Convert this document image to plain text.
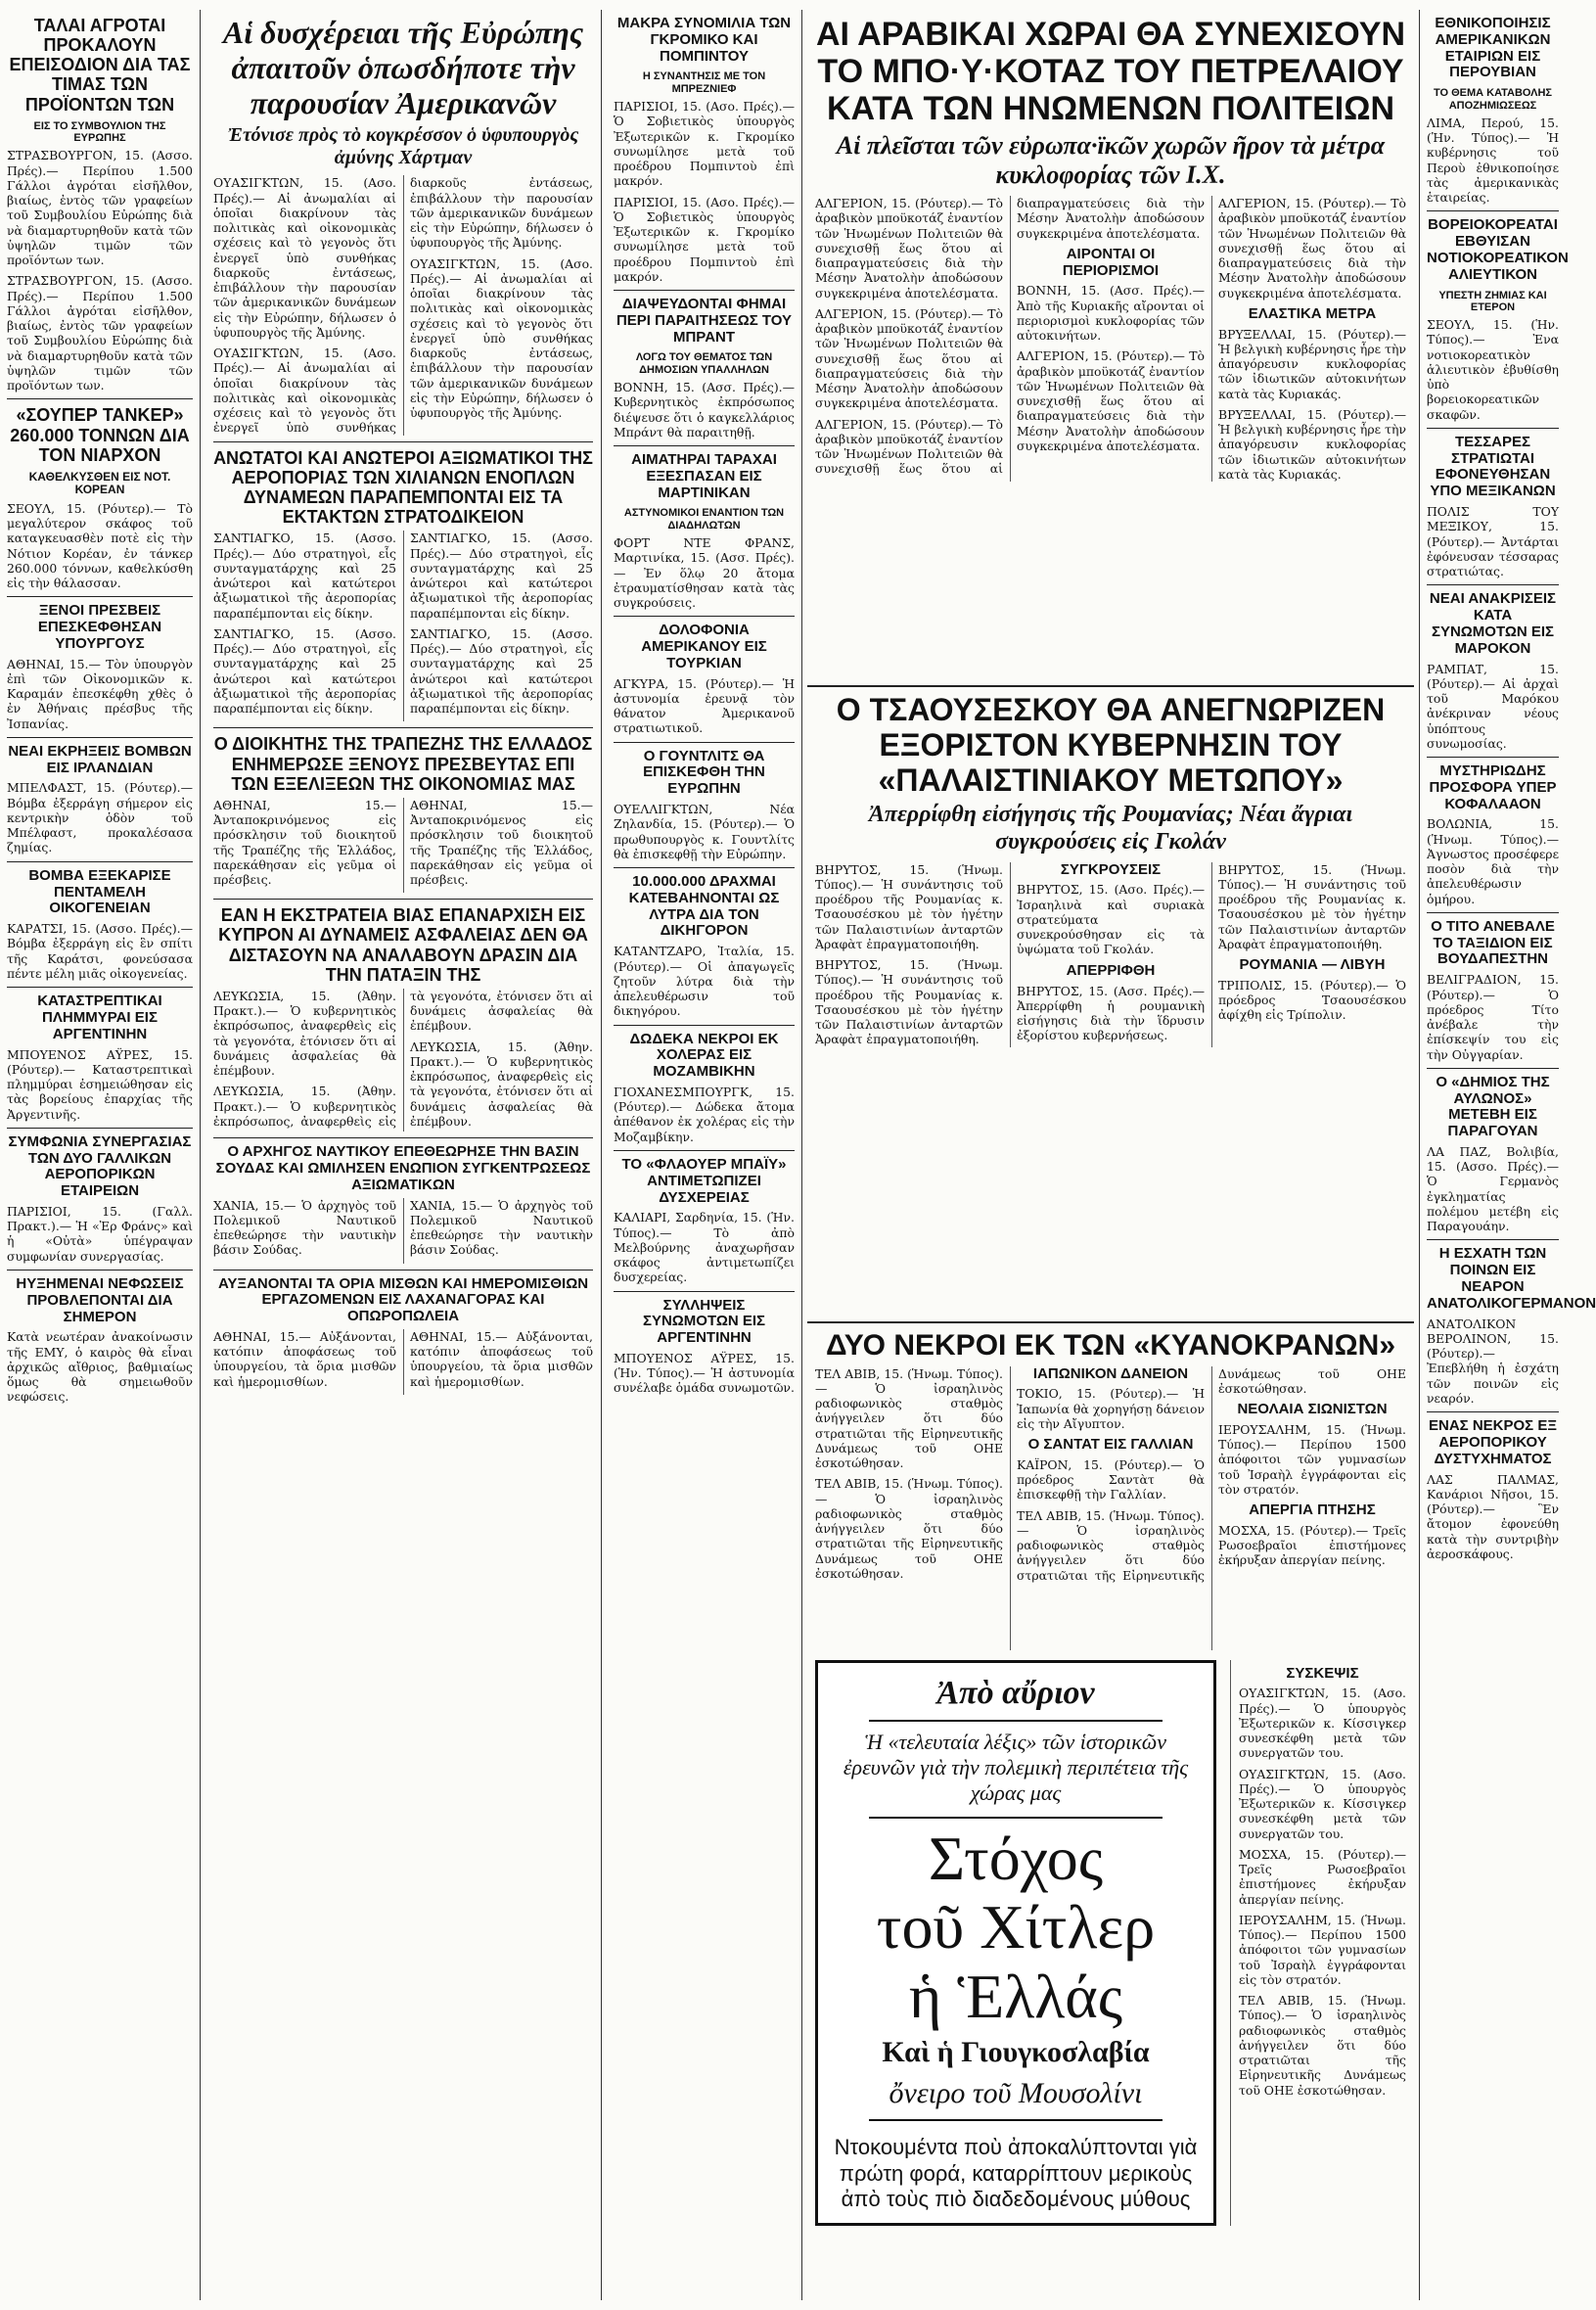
ΤΑΛΑΙ ΑΓΡΟΤΑΙ ΠΡΟΚΑΛΟΥΝ ΕΠΕΙΣΟΔΙΟΝ ΔΙΑ ΤΑΣ ΤΙΜΑΣ ΤΩΝ ΠΡΟΪΟΝΤΩΝ ΤΩΝ
ΕΙΣ ΤΟ ΣΥΜΒΟΥΛΙΟΝ ΤΗΣ ΕΥΡΩΠΗΣ

ΣΤΡΑΣΒΟΥΡΓΟΝ, 15. (Ασσο. Πρές).— Περίπου 1.500 Γάλλοι ἀγρόται εἰσῆλθον, βιαίως, ἐντὸς τῶν γραφείων τοῦ Συμβουλίου Εὐρώπης διὰ νὰ διαμαρτυρηθοῦν κατὰ τῶν ὑψηλῶν τιμῶν τῶν προϊόντων των.

ΣΤΡΑΣΒΟΥΡΓΟΝ, 15. (Ασσο. Πρές).— Περίπου 1.500 Γάλλοι ἀγρόται εἰσῆλθον, βιαίως, ἐντὸς τῶν γραφείων τοῦ Συμβουλίου Εὐρώπης διὰ νὰ διαμαρτυρηθοῦν κατὰ τῶν ὑψηλῶν τιμῶν τῶν προϊόντων των.

«ΣΟΥΠΕΡ ΤΑΝΚΕΡ» 260.000 ΤΟΝΝΩΝ ΔΙΑ ΤΟΝ ΝΙΑΡΧΟΝ
ΚΑΘΕΛΚΥΣΘΕΝ ΕΙΣ ΝΟΤ. ΚΟΡΕΑΝ

ΣΕΟΥΛ, 15. (Ρόυτερ).— Τὸ μεγαλύτερον σκάφος τοῦ καταγκευασθὲν ποτὲ εἰς τὴν Νότιον Κορέαν, ἐν τάνκερ 260.000 τόννων, καθελκύσθη εἰς τὴν θάλασσαν.

ΞΕΝΟΙ ΠΡΕΣΒΕΙΣ ΕΠΕΣΚΕΦΘΗΣΑΝ ΥΠΟΥΡΓΟΥΣ

ΑΘΗΝΑΙ, 15.— Τὸν ὑπουργὸν ἐπὶ τῶν Οἰκονομικῶν κ. Καραμάν ἐπεσκέφθη χθὲς ὁ ἐν Ἀθήναις πρέσβυς τῆς Ἰσπανίας.

ΝΕΑΙ ΕΚΡΗΞΕΙΣ ΒΟΜΒΩΝ ΕΙΣ ΙΡΛΑΝΔΙΑΝ

ΜΠΕΛΦΑΣΤ, 15. (Ρόυτερ).— Βόμβα ἐξερράγη σήμερον εἰς κεντρικὴν ὁδὸν τοῦ Μπέλφαστ, προκαλέσασα ζημίας.

ΒΟΜΒΑ ΕΞΕΚΑΡΙΣΕ ΠΕΝΤΑΜΕΛΗ ΟΙΚΟΓΕΝΕΙΑΝ

ΚΑΡΑΤΣΙ, 15. (Ασσο. Πρές).— Βόμβα ἐξερράγη εἰς ἓν σπίτι τῆς Καράτσι, φονεύσασα πέντε μέλη μιᾶς οἰκογενείας.

ΚΑΤΑΣΤΡΕΠΤΙΚΑΙ ΠΛΗΜΜΥΡΑΙ ΕΙΣ ΑΡΓΕΝΤΙΝΗΝ

ΜΠΟΥΕΝΟΣ ΑΫΡΕΣ, 15. (Ρόυτερ).— Καταστρεπτικαὶ πλημμύραι ἐσημειώθησαν εἰς τὰς βορείους ἐπαρχίας τῆς Ἀργεντινῆς.

ΣΥΜΦΩΝΙΑ ΣΥΝΕΡΓΑΣΙΑΣ ΤΩΝ ΔΥΟ ΓΑΛΛΙΚΩΝ ΑΕΡΟΠΟΡΙΚΩΝ ΕΤΑΙΡΕΙΩΝ

ΠΑΡΙΣΙΟΙ, 15. (Γαλλ. Πρακτ.).— Ἡ «Ἐρ Φράνς» καὶ ἡ «Οὐτὰ» ὑπέγραψαν συμφωνίαν συνεργασίας.

ΗΥΞΗΜΕΝΑΙ ΝΕΦΩΣΕΙΣ ΠΡΟΒΛΕΠΟΝΤΑΙ ΔΙΑ ΣΗΜΕΡΟΝ

Κατὰ νεωτέραν ἀνακοίνωσιν τῆς ΕΜΥ, ὁ καιρὸς θὰ εἶναι ἀρχικῶς αἴθριος, βαθμιαίως ὅμως θὰ σημειωθοῦν νεφώσεις.

Αἱ δυσχέρειαι τῆς Εὐρώπης ἀπαιτοῦν ὁπωσδήποτε τὴν παρουσίαν Ἀμερικανῶν
Ἐτόνισε πρὸς τὸ κογκρέσσον ὁ ὑφυπουργὸς ἀμύνης Χάρτμαν

ΟΥΑΣΙΓΚΤΩΝ, 15. (Ασο. Πρές).— Αἱ ἀνωμαλίαι αἱ ὁποῖαι διακρίνουν τὰς πολιτικὰς καὶ οἰκονομικὰς σχέσεις καὶ τὸ γεγονὸς ὅτι ἐνεργεῖ ὑπὸ συνθήκας διαρκοῦς ἐντάσεως, ἐπιβάλλουν τὴν παρουσίαν τῶν ἀμερικανικῶν δυνάμεων εἰς τὴν Εὐρώπην, δήλωσεν ὁ ὑφυπουργὸς τῆς Ἀμύνης.

ΟΥΑΣΙΓΚΤΩΝ, 15. (Ασο. Πρές).— Αἱ ἀνωμαλίαι αἱ ὁποῖαι διακρίνουν τὰς πολιτικὰς καὶ οἰκονομικὰς σχέσεις καὶ τὸ γεγονὸς ὅτι ἐνεργεῖ ὑπὸ συνθήκας διαρκοῦς ἐντάσεως, ἐπιβάλλουν τὴν παρουσίαν τῶν ἀμερικανικῶν δυνάμεων εἰς τὴν Εὐρώπην, δήλωσεν ὁ ὑφυπουργὸς τῆς Ἀμύνης.

ΟΥΑΣΙΓΚΤΩΝ, 15. (Ασο. Πρές).— Αἱ ἀνωμαλίαι αἱ ὁποῖαι διακρίνουν τὰς πολιτικὰς καὶ οἰκονομικὰς σχέσεις καὶ τὸ γεγονὸς ὅτι ἐνεργεῖ ὑπὸ συνθήκας διαρκοῦς ἐντάσεως, ἐπιβάλλουν τὴν παρουσίαν τῶν ἀμερικανικῶν δυνάμεων εἰς τὴν Εὐρώπην, δήλωσεν ὁ ὑφυπουργὸς τῆς Ἀμύνης.

ΑΝΩΤΑΤΟΙ ΚΑΙ ΑΝΩΤΕΡΟΙ ΑΞΙΩΜΑΤΙΚΟΙ ΤΗΣ ΑΕΡΟΠΟΡΙΑΣ ΤΩΝ ΧΙΛΙΑΝΩΝ ΕΝΟΠΛΩΝ ΔΥΝΑΜΕΩΝ ΠΑΡΑΠΕΜΠΟΝΤΑΙ ΕΙΣ ΤΑ ΕΚΤΑΚΤΩΝ ΣΤΡΑΤΟΔΙΚΕΙΟΝ

ΣΑΝΤΙΑΓΚΟ, 15. (Ασσο. Πρές).— Δύο στρατηγοὶ, εἷς συνταγματάρχης καὶ 25 ἀνώτεροι καὶ κατώτεροι ἀξιωματικοὶ τῆς ἀεροπορίας παραπέμπονται εἰς δίκην.

ΣΑΝΤΙΑΓΚΟ, 15. (Ασσο. Πρές).— Δύο στρατηγοὶ, εἷς συνταγματάρχης καὶ 25 ἀνώτεροι καὶ κατώτεροι ἀξιωματικοὶ τῆς ἀεροπορίας παραπέμπονται εἰς δίκην.

ΣΑΝΤΙΑΓΚΟ, 15. (Ασσο. Πρές).— Δύο στρατηγοὶ, εἷς συνταγματάρχης καὶ 25 ἀνώτεροι καὶ κατώτεροι ἀξιωματικοὶ τῆς ἀεροπορίας παραπέμπονται εἰς δίκην.

ΣΑΝΤΙΑΓΚΟ, 15. (Ασσο. Πρές).— Δύο στρατηγοὶ, εἷς συνταγματάρχης καὶ 25 ἀνώτεροι καὶ κατώτεροι ἀξιωματικοὶ τῆς ἀεροπορίας παραπέμπονται εἰς δίκην.

Ο ΔΙΟΙΚΗΤΗΣ ΤΗΣ ΤΡΑΠΕΖΗΣ ΤΗΣ ΕΛΛΑΔΟΣ ΕΝΗΜΕΡΩΣΕ ΞΕΝΟΥΣ ΠΡΕΣΒΕΥΤΑΣ ΕΠΙ ΤΩΝ ΕΞΕΛΙΞΕΩΝ ΤΗΣ ΟΙΚΟΝΟΜΙΑΣ ΜΑΣ

ΑΘΗΝΑΙ, 15.— Ἀνταποκρινόμενος εἰς πρόσκλησιν τοῦ διοικητοῦ τῆς Τραπέζης τῆς Ἑλλάδος, παρεκάθησαν εἰς γεῦμα οἱ πρέσβεις.

ΑΘΗΝΑΙ, 15.— Ἀνταποκρινόμενος εἰς πρόσκλησιν τοῦ διοικητοῦ τῆς Τραπέζης τῆς Ἑλλάδος, παρεκάθησαν εἰς γεῦμα οἱ πρέσβεις.

ΕΑΝ Η ΕΚΣΤΡΑΤΕΙΑ ΒΙΑΣ ΕΠΑΝΑΡΧΙΣΗ ΕΙΣ ΚΥΠΡΟΝ ΑΙ ΔΥΝΑΜΕΙΣ ΑΣΦΑΛΕΙΑΣ ΔΕΝ ΘΑ ΔΙΣΤΑΣΟΥΝ ΝΑ ΑΝΑΛΑΒΟΥΝ ΔΡΑΣΙΝ ΔΙΑ ΤΗΝ ΠΑΤΑΞΙΝ ΤΗΣ

ΛΕΥΚΩΣΙΑ, 15. (Ἀθην. Πρακτ.).— Ὁ κυβερνητικὸς ἐκπρόσωπος, ἀναφερθεὶς εἰς τὰ γεγονότα, ἐτόνισεν ὅτι αἱ δυνάμεις ἀσφαλείας θὰ ἐπέμβουν.

ΛΕΥΚΩΣΙΑ, 15. (Ἀθην. Πρακτ.).— Ὁ κυβερνητικὸς ἐκπρόσωπος, ἀναφερθεὶς εἰς τὰ γεγονότα, ἐτόνισεν ὅτι αἱ δυνάμεις ἀσφαλείας θὰ ἐπέμβουν.

ΛΕΥΚΩΣΙΑ, 15. (Ἀθην. Πρακτ.).— Ὁ κυβερνητικὸς ἐκπρόσωπος, ἀναφερθεὶς εἰς τὰ γεγονότα, ἐτόνισεν ὅτι αἱ δυνάμεις ἀσφαλείας θὰ ἐπέμβουν.

Ο ΑΡΧΗΓΟΣ ΝΑΥΤΙΚΟΥ ΕΠΕΘΕΩΡΗΣΕ ΤΗΝ ΒΑΣΙΝ ΣΟΥΔΑΣ ΚΑΙ ΩΜΙΛΗΣΕΝ ΕΝΩΠΙΟΝ ΣΥΓΚΕΝΤΡΩΣΕΩΣ ΑΞΙΩΜΑΤΙΚΩΝ

ΧΑΝΙΑ, 15.— Ὁ ἀρχηγὸς τοῦ Πολεμικοῦ Ναυτικοῦ ἐπεθεώρησε τὴν ναυτικὴν βάσιν Σούδας.

ΧΑΝΙΑ, 15.— Ὁ ἀρχηγὸς τοῦ Πολεμικοῦ Ναυτικοῦ ἐπεθεώρησε τὴν ναυτικὴν βάσιν Σούδας.

ΑΥΞΑΝΟΝΤΑΙ ΤΑ ΟΡΙΑ ΜΙΣΘΩΝ ΚΑΙ ΗΜΕΡΟΜΙΣΘΙΩΝ ΕΡΓΑΖΟΜΕΝΩΝ ΕΙΣ ΛΑΧΑΝΑΓΟΡΑΣ ΚΑΙ ΟΠΩΡΟΠΩΛΕΙΑ

ΑΘΗΝΑΙ, 15.— Αὐξάνονται, κατόπιν ἀποφάσεως τοῦ ὑπουργείου, τὰ ὅρια μισθῶν καὶ ἡμερομισθίων.

ΑΘΗΝΑΙ, 15.— Αὐξάνονται, κατόπιν ἀποφάσεως τοῦ ὑπουργείου, τὰ ὅρια μισθῶν καὶ ἡμερομισθίων.

ΜΑΚΡΑ ΣΥΝΟΜΙΛΙΑ ΤΩΝ ΓΚΡΟΜΙΚΟ ΚΑΙ ΠΟΜΠΙΝΤΟΥ
Η ΣΥΝΑΝΤΗΣΙΣ ΜΕ ΤΟΝ ΜΠΡΕΖΝΙΕΦ

ΠΑΡΙΣΙΟΙ, 15. (Ασο. Πρές).— Ὁ Σοβιετικὸς ὑπουργὸς Ἐξωτερικῶν κ. Γκρομίκο συνωμίλησε μετὰ τοῦ προέδρου Πομπιντοὺ ἐπὶ μακρόν.

ΠΑΡΙΣΙΟΙ, 15. (Ασο. Πρές).— Ὁ Σοβιετικὸς ὑπουργὸς Ἐξωτερικῶν κ. Γκρομίκο συνωμίλησε μετὰ τοῦ προέδρου Πομπιντοὺ ἐπὶ μακρόν.

ΔΙΑΨΕΥΔΟΝΤΑΙ ΦΗΜΑΙ ΠΕΡΙ ΠΑΡΑΙΤΗΣΕΩΣ ΤΟΥ ΜΠΡΑΝΤ
ΛΟΓΩ ΤΟΥ ΘΕΜΑΤΟΣ ΤΩΝ ΔΗΜΟΣΙΩΝ ΥΠΑΛΛΗΛΩΝ

ΒΟΝΝΗ, 15. (Ασσ. Πρές).— Κυβερνητικὸς ἐκπρόσωπος διέψευσε ὅτι ὁ καγκελλάριος Μπράντ θὰ παραιτηθῇ.

ΑΙΜΑΤΗΡΑΙ ΤΑΡΑΧΑΙ ΕΞΕΣΠΑΣΑΝ ΕΙΣ ΜΑΡΤΙΝΙΚΑΝ
ΑΣΤΥΝΟΜΙΚΟΙ ΕΝΑΝΤΙΟΝ ΤΩΝ ΔΙΑΔΗΛΩΤΩΝ

ΦΟΡΤ ΝΤΕ ΦΡΑΝΣ, Μαρτινίκα, 15. (Ασσ. Πρές).— Ἐν ὅλῳ 20 ἄτομα ἐτραυματίσθησαν κατὰ τὰς συγκρούσεις.

ΔΟΛΟΦΟΝΙΑ ΑΜΕΡΙΚΑΝΟΥ ΕΙΣ ΤΟΥΡΚΙΑΝ

ΑΓΚΥΡΑ, 15. (Ρόυτερ).— Ἡ ἀστυνομία ἐρευνᾷ τὸν θάνατον Ἀμερικανοῦ στρατιωτικοῦ.

Ο ΓΟΥΝΤΛΙΤΣ ΘΑ ΕΠΙΣΚΕΦΘΗ ΤΗΝ ΕΥΡΩΠΗΝ

ΟΥΕΛΛΙΓΚΤΩΝ, Νέα Ζηλανδία, 15. (Ρόυτερ).— Ὁ πρωθυπουργὸς κ. Γουντλίτς θὰ ἐπισκεφθῇ τὴν Εὐρώπην.

10.000.000 ΔΡΑΧΜΑΙ ΚΑΤΕΒΑΗΝΟΝΤΑΙ ΩΣ ΛΥΤΡΑ ΔΙΑ ΤΟΝ ΔΙΚΗΓΟΡΟΝ

ΚΑΤΑΝΤΖΑΡΟ, Ἰταλία, 15. (Ρόυτερ).— Οἱ ἀπαγωγεῖς ζητοῦν λύτρα διὰ τὴν ἀπελευθέρωσιν τοῦ δικηγόρου.

ΔΩΔΕΚΑ ΝΕΚΡΟΙ ΕΚ ΧΟΛΕΡΑΣ ΕΙΣ ΜΟΖΑΜΒΙΚΗΝ

ΓΙΟΧΑΝΕΣΜΠΟΥΡΓΚ, 15. (Ρόυτερ).— Δώδεκα ἄτομα ἀπέθανον ἐκ χολέρας εἰς τὴν Μοζαμβίκην.

ΤΟ «ΦΛΑΟΥΕΡ ΜΠΑΪΥ» ΑΝΤΙΜΕΤΩΠΙΖΕΙ ΔΥΣΧΕΡΕΙΑΣ

ΚΑΛΙΑΡΙ, Σαρδηνία, 15. (Ἡν. Τύπος).— Τὸ ἀπὸ Μελβούρνης ἀναχωρῆσαν σκάφος ἀντιμετωπίζει δυσχερείας.

ΣΥΛΛΗΨΕΙΣ ΣΥΝΩΜΟΤΩΝ ΕΙΣ ΑΡΓΕΝΤΙΝΗΝ

ΜΠΟΥΕΝΟΣ ΑΫΡΕΣ, 15. (Ἡν. Τύπος).— Ἡ ἀστυνομία συνέλαβε ὁμάδα συνωμοτῶν.

ΑΙ ΑΡΑΒΙΚΑΙ ΧΩΡΑΙ ΘΑ ΣΥΝΕΧΙΣΟΥΝ ΤΟ ΜΠΟ·Υ·ΚΟΤΑΖ ΤΟΥ ΠΕΤΡΕΛΑΙΟΥ ΚΑΤΑ ΤΩΝ ΗΝΩΜΕΝΩΝ ΠΟΛΙΤΕΙΩΝ
Αἱ πλεῖσται τῶν εὐρωπα·ϊκῶν χωρῶν ῆρον τὰ μέτρα κυκλοφορίας τῶν Ι.Χ.

ΑΛΓΕΡΙΟΝ, 15. (Ρόυτερ).— Τὸ ἀραβικὸν μποϋκοτάζ ἐναντίον τῶν Ἡνωμένων Πολιτειῶν θὰ συνεχισθῇ ἕως ὅτου αἱ διαπραγματεύσεις διὰ τὴν Μέσην Ἀνατολὴν ἀποδώσουν συγκεκριμένα ἀποτελέσματα.

ΑΛΓΕΡΙΟΝ, 15. (Ρόυτερ).— Τὸ ἀραβικὸν μποϋκοτάζ ἐναντίον τῶν Ἡνωμένων Πολιτειῶν θὰ συνεχισθῇ ἕως ὅτου αἱ διαπραγματεύσεις διὰ τὴν Μέσην Ἀνατολὴν ἀποδώσουν συγκεκριμένα ἀποτελέσματα.

ΑΛΓΕΡΙΟΝ, 15. (Ρόυτερ).— Τὸ ἀραβικὸν μποϋκοτάζ ἐναντίον τῶν Ἡνωμένων Πολιτειῶν θὰ συνεχισθῇ ἕως ὅτου αἱ διαπραγματεύσεις διὰ τὴν Μέσην Ἀνατολὴν ἀποδώσουν συγκεκριμένα ἀποτελέσματα.

ΑΙΡΟΝΤΑΙ ΟΙ ΠΕΡΙΟΡΙΣΜΟΙ

ΒΟΝΝΗ, 15. (Ασσ. Πρές).— Ἀπὸ τῆς Κυριακῆς αἴρονται οἱ περιορισμοὶ κυκλοφορίας τῶν αὐτοκινήτων.

ΑΛΓΕΡΙΟΝ, 15. (Ρόυτερ).— Τὸ ἀραβικὸν μποϋκοτάζ ἐναντίον τῶν Ἡνωμένων Πολιτειῶν θὰ συνεχισθῇ ἕως ὅτου αἱ διαπραγματεύσεις διὰ τὴν Μέσην Ἀνατολὴν ἀποδώσουν συγκεκριμένα ἀποτελέσματα.

ΑΛΓΕΡΙΟΝ, 15. (Ρόυτερ).— Τὸ ἀραβικὸν μποϋκοτάζ ἐναντίον τῶν Ἡνωμένων Πολιτειῶν θὰ συνεχισθῇ ἕως ὅτου αἱ διαπραγματεύσεις διὰ τὴν Μέσην Ἀνατολὴν ἀποδώσουν συγκεκριμένα ἀποτελέσματα.

ΕΛΑΣΤΙΚΑ ΜΕΤΡΑ

ΒΡΥΞΕΛΛΑΙ, 15. (Ρόυτερ).— Ἡ βελγικὴ κυβέρνησις ἦρε τὴν ἀπαγόρευσιν κυκλοφορίας τῶν ἰδιωτικῶν αὐτοκινήτων κατὰ τὰς Κυριακάς.

ΒΡΥΞΕΛΛΑΙ, 15. (Ρόυτερ).— Ἡ βελγικὴ κυβέρνησις ἦρε τὴν ἀπαγόρευσιν κυκλοφορίας τῶν ἰδιωτικῶν αὐτοκινήτων κατὰ τὰς Κυριακάς.

Ο ΤΣΑΟΥΣΕΣΚΟΥ ΘΑ ΑΝΕΓΝΩΡΙΖΕΝ ΕΞΟΡΙΣΤΟΝ ΚΥΒΕΡΝΗΣΙΝ ΤΟΥ «ΠΑΛΑΙΣΤΙΝΙΑΚΟΥ ΜΕΤΩΠΟΥ»
Ἀπερρίφθη εἰσήγησις τῆς Ρουμανίας; Νέαι ἄγριαι συγκρούσεις εἰς Γκολάν

ΒΗΡΥΤΟΣ, 15. (Ἡνωμ. Τύπος).— Ἡ συνάντησις τοῦ προέδρου τῆς Ρουμανίας κ. Τσαουσέσκου μὲ τὸν ἡγέτην τῶν Παλαιστινίων ἀνταρτῶν Ἀραφὰτ ἐπραγματοποιήθη.

ΒΗΡΥΤΟΣ, 15. (Ἡνωμ. Τύπος).— Ἡ συνάντησις τοῦ προέδρου τῆς Ρουμανίας κ. Τσαουσέσκου μὲ τὸν ἡγέτην τῶν Παλαιστινίων ἀνταρτῶν Ἀραφὰτ ἐπραγματοποιήθη.

ΣΥΓΚΡΟΥΣΕΙΣ

ΒΗΡΥΤΟΣ, 15. (Ασο. Πρές).— Ἰσραηλινὰ καὶ συριακὰ στρατεύματα συνεκρούσθησαν εἰς τὰ ὑψώματα τοῦ Γκολάν.

ΑΠΕΡΡΙΦΘΗ

ΒΗΡΥΤΟΣ, 15. (Ασσ. Πρές).— Ἀπερρίφθη ἡ ρουμανικὴ εἰσήγησις διὰ τὴν ἵδρυσιν ἐξορίστου κυβερνήσεως.

ΒΗΡΥΤΟΣ, 15. (Ἡνωμ. Τύπος).— Ἡ συνάντησις τοῦ προέδρου τῆς Ρουμανίας κ. Τσαουσέσκου μὲ τὸν ἡγέτην τῶν Παλαιστινίων ἀνταρτῶν Ἀραφὰτ ἐπραγματοποιήθη.

ΡΟΥΜΑΝΙΑ — ΛΙΒΥΗ

ΤΡΙΠΟΛΙΣ, 15. (Ρόυτερ).— Ὁ πρόεδρος Τσαουσέσκου ἀφίχθη εἰς Τρίπολιν.

ΔΥΟ ΝΕΚΡΟΙ ΕΚ ΤΩΝ «ΚΥΑΝΟΚΡΑΝΩΝ»

ΤΕΛ ΑΒΙΒ, 15. (Ἡνωμ. Τύπος).— Ὁ ἰσραηλινὸς ραδιοφωνικὸς σταθμὸς ἀνήγγειλεν ὅτι δύο στρατιῶται τῆς Εἰρηνευτικῆς Δυνάμεως τοῦ ΟΗΕ ἐσκοτώθησαν.

ΤΕΛ ΑΒΙΒ, 15. (Ἡνωμ. Τύπος).— Ὁ ἰσραηλινὸς ραδιοφωνικὸς σταθμὸς ἀνήγγειλεν ὅτι δύο στρατιῶται τῆς Εἰρηνευτικῆς Δυνάμεως τοῦ ΟΗΕ ἐσκοτώθησαν.

ΙΑΠΩΝΙΚΟΝ ΔΑΝΕΙΟΝ

ΤΟΚΙΟ, 15. (Ρόυτερ).— Ἡ Ἰαπωνία θὰ χορηγήσῃ δάνειον εἰς τὴν Αἴγυπτον.

Ο ΣΑΝΤΑΤ ΕΙΣ ΓΑΛΛΙΑΝ

ΚΑΪΡΟΝ, 15. (Ρόυτερ).— Ὁ πρόεδρος Σαντὰτ θὰ ἐπισκεφθῇ τὴν Γαλλίαν.

ΤΕΛ ΑΒΙΒ, 15. (Ἡνωμ. Τύπος).— Ὁ ἰσραηλινὸς ραδιοφωνικὸς σταθμὸς ἀνήγγειλεν ὅτι δύο στρατιῶται τῆς Εἰρηνευτικῆς Δυνάμεως τοῦ ΟΗΕ ἐσκοτώθησαν.

ΝΕΟΛΑΙΑ ΣΙΩΝΙΣΤΩΝ

ΙΕΡΟΥΣΑΛΗΜ, 15. (Ἡνωμ. Τύπος).— Περίπου 1500 ἀπόφοιτοι τῶν γυμνασίων τοῦ Ἰσραὴλ ἐγγράφονται εἰς τὸν στρατόν.

ΑΠΕΡΓΙΑ ΠΤΗΣΗΣ

ΜΟΣΧΑ, 15. (Ρόυτερ).— Τρεῖς Ρωσοεβραῖοι ἐπιστήμονες ἐκήρυξαν ἀπεργίαν πείνης.

Ἀπὸ αὔριον
Ἡ «τελευταία λέξις» τῶν ἱστορικῶν ἐρευνῶν γιὰ τὴν πολεμικὴ περιπέτεια τῆς χώρας μας
Στόχος
τοῦ Χίτλερ
ἡ Ἑλλάς
Καὶ ἡ Γιουγκοσλαβία
ὄνειρο τοῦ Μουσολίνι
Ντοκουμέντα ποὺ ἀποκαλύπτονται γιὰ πρώτη φορά, καταρρίπτουν μερικοὺς ἀπὸ τοὺς πιὸ διαδεδομένους μύθους
ΣΥΣΚΕΨΙΣ

ΟΥΑΣΙΓΚΤΩΝ, 15. (Ασο. Πρές).— Ὁ ὑπουργὸς Ἐξωτερικῶν κ. Κίσσιγκερ συνεσκέφθη μετὰ τῶν συνεργατῶν του.

ΟΥΑΣΙΓΚΤΩΝ, 15. (Ασο. Πρές).— Ὁ ὑπουργὸς Ἐξωτερικῶν κ. Κίσσιγκερ συνεσκέφθη μετὰ τῶν συνεργατῶν του.

ΜΟΣΧΑ, 15. (Ρόυτερ).— Τρεῖς Ρωσοεβραῖοι ἐπιστήμονες ἐκήρυξαν ἀπεργίαν πείνης.

ΙΕΡΟΥΣΑΛΗΜ, 15. (Ἡνωμ. Τύπος).— Περίπου 1500 ἀπόφοιτοι τῶν γυμνασίων τοῦ Ἰσραὴλ ἐγγράφονται εἰς τὸν στρατόν.

ΤΕΛ ΑΒΙΒ, 15. (Ἡνωμ. Τύπος).— Ὁ ἰσραηλινὸς ραδιοφωνικὸς σταθμὸς ἀνήγγειλεν ὅτι δύο στρατιῶται τῆς Εἰρηνευτικῆς Δυνάμεως τοῦ ΟΗΕ ἐσκοτώθησαν.

ΕΘΝΙΚΟΠΟΙΗΣΙΣ ΑΜΕΡΙΚΑΝΙΚΩΝ ΕΤΑΙΡΙΩΝ ΕΙΣ ΠΕΡΟΥΒΙΑΝ
ΤΟ ΘΕΜΑ ΚΑΤΑΒΟΛΗΣ ΑΠΟΖΗΜΙΩΣΕΩΣ

ΛΙΜΑ, Περού, 15. (Ἡν. Τύπος).— Ἡ κυβέρνησις τοῦ Περοὺ ἐθνικοποίησε τὰς ἀμερικανικὰς ἑταιρείας.

ΒΟΡΕΙΟΚΟΡΕΑΤΑΙ ΕΒΘΥΙΣΑΝ ΝΟΤΙΟΚΟΡΕΑΤΙΚΟΝ ΑΛΙΕΥΤΙΚΟΝ
ΥΠΕΣΤΗ ΖΗΜΙΑΣ ΚΑΙ ΕΤΕΡΟΝ

ΣΕΟΥΛ, 15. (Ἡν. Τύπος).— Ἐνα νοτιοκορεατικὸν ἁλιευτικὸν ἐβυθίσθη ὑπὸ βορειοκορεατικῶν σκαφῶν.

ΤΕΣΣΑΡΕΣ ΣΤΡΑΤΙΩΤΑΙ ΕΦΟΝΕΥΘΗΣΑΝ ΥΠΟ ΜΕΞΙΚΑΝΩΝ

ΠΟΛΙΣ ΤΟΥ ΜΕΞΙΚΟΥ, 15. (Ρόυτερ).— Ἀντάρται ἐφόνευσαν τέσσαρας στρατιώτας.

ΝΕΑΙ ΑΝΑΚΡΙΣΕΙΣ ΚΑΤΑ ΣΥΝΩΜΟΤΩΝ ΕΙΣ ΜΑΡΟΚΟΝ

ΡΑΜΠΑΤ, 15. (Ρόυτερ).— Αἱ ἀρχαὶ τοῦ Μαρόκου ἀνέκριναν νέους ὑπόπτους συνωμοσίας.

ΜΥΣΤΗΡΙΩΔΗΣ ΠΡΟΣΦΟΡΑ ΥΠΕΡ ΚΟΦΑΛΑΑΟΝ

ΒΟΛΩΝΙΑ, 15. (Ἡνωμ. Τύπος).— Ἀγνωστος προσέφερε ποσὸν διὰ τὴν ἀπελευθέρωσιν ὁμήρου.

Ο ΤΙΤΟ ΑΝΕΒΑΛΕ ΤΟ ΤΑΞΙΔΙΟΝ ΕΙΣ ΒΟΥΔΑΠΕΣΤΗΝ

ΒΕΛΙΓΡΑΔΙΟΝ, 15. (Ρόυτερ).— Ὁ πρόεδρος Τίτο ἀνέβαλε τὴν ἐπίσκεψίν του εἰς τὴν Οὐγγαρίαν.

Ο «ΔΗΜΙΟΣ ΤΗΣ ΑΥΛΩΝΟΣ» ΜΕΤΕΒΗ ΕΙΣ ΠΑΡΑΓΟΥΑΝ

ΛΑ ΠΑΖ, Βολιβία, 15. (Ασσο. Πρές).— Ὁ Γερμανὸς ἐγκληματίας πολέμου μετέβη εἰς Παραγουάην.

Η ΕΣΧΑΤΗ ΤΩΝ ΠΟΙΝΩΝ ΕΙΣ ΝΕΑΡΟΝ ΑΝΑΤΟΛΙΚΟΓΕΡΜΑΝΟΝ

ΑΝΑΤΟΛΙΚΟΝ ΒΕΡΟΛΙΝΟΝ, 15. (Ρόυτερ).— Ἐπεβλήθη ἡ ἐσχάτη τῶν ποινῶν εἰς νεαρόν.

ΕΝΑΣ ΝΕΚΡΟΣ ΕΞ ΑΕΡΟΠΟΡΙΚΟΥ ΔΥΣΤΥΧΗΜΑΤΟΣ

ΛΑΣ ΠΑΛΜΑΣ, Κανάριοι Νῆσοι, 15. (Ρόυτερ).— Ἓν ἄτομον ἐφονεύθη κατὰ τὴν συντριβὴν ἀεροσκάφους.
